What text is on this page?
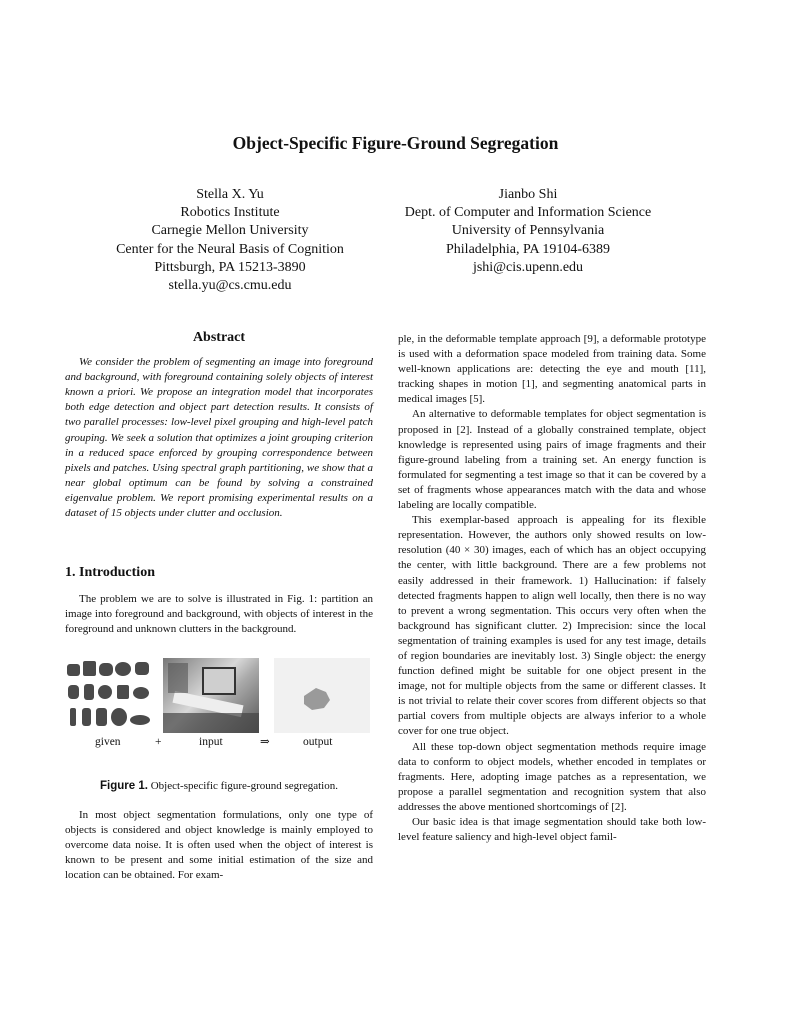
Object-Specific Figure-Ground Segregation
Stella X. Yu
Robotics Institute
Carnegie Mellon University
Center for the Neural Basis of Cognition
Pittsburgh, PA 15213-3890
stella.yu@cs.cmu.edu
Jianbo Shi
Dept. of Computer and Information Science
University of Pennsylvania
Philadelphia, PA 19104-6389
jshi@cis.upenn.edu
Abstract

We consider the problem of segmenting an image into foreground and background, with foreground containing solely objects of interest known a priori. We propose an integration model that incorporates both edge detection and object part detection results. It consists of two parallel processes: low-level pixel grouping and high-level patch grouping. We seek a solution that optimizes a joint grouping criterion in a reduced space enforced by grouping correspondence between pixels and patches. Using spectral graph partitioning, we show that a near global optimum can be found by solving a constrained eigenvalue problem. We report promising experimental results on a dataset of 15 objects under clutter and occlusion.

1. Introduction

The problem we are to solve is illustrated in Fig. 1: partition an image into foreground and background, with objects of interest in the foreground and unknown clutters in the background.

given	+	input	⇒	output

Figure 1. Object-specific figure-ground segregation.

In most object segmentation formulations, only one type of objects is considered and object knowledge is mainly employed to overcome data noise. It is often used when the object of interest is known to be present and some initial estimation of the size and location can be obtained. For exam-

ple, in the deformable template approach [9], a deformable prototype is used with a deformation space modeled from training data. Some well-known applications are: detecting the eye and mouth [11], tracking shapes in motion [1], and segmenting anatomical parts in medical images [5].

An alternative to deformable templates for object segmentation is proposed in [2]. Instead of a globally constrained template, object knowledge is represented using pairs of image fragments and their figure-ground labeling from a training set. An energy function is formulated for segmenting a test image so that it can be covered by a set of fragments whose appearances match with the data and whose labeling are locally compatible.

This exemplar-based approach is appealing for its flexible representation. However, the authors only showed results on low-resolution (40 × 30) images, each of which has an object occupying the center, with little background. There are a few problems not easily addressed in their framework. 1) Hallucination: if falsely detected fragments happen to align well locally, then there is no way to prevent a wrong segmentation. This occurs very often when the background has significant clutter. 2) Imprecision: since the local segmentation of training examples is used for any test image, details of region boundaries are inevitably lost. 3) Single object: the energy function defined might be suitable for one object present in the image, not for multiple objects from the same or different classes. It is not trivial to relate their cover scores from different objects so that partial covers from multiple objects are always inferior to a whole cover for one true object.

All these top-down object segmentation methods require image data to conform to object models, whether encoded in templates or fragments. Here, adopting image patches as a representation, we propose a parallel segmentation and recognition system that also addresses the above mentioned shortcomings of [2].

Our basic idea is that image segmentation should take both low-level feature saliency and high-level object famil-
